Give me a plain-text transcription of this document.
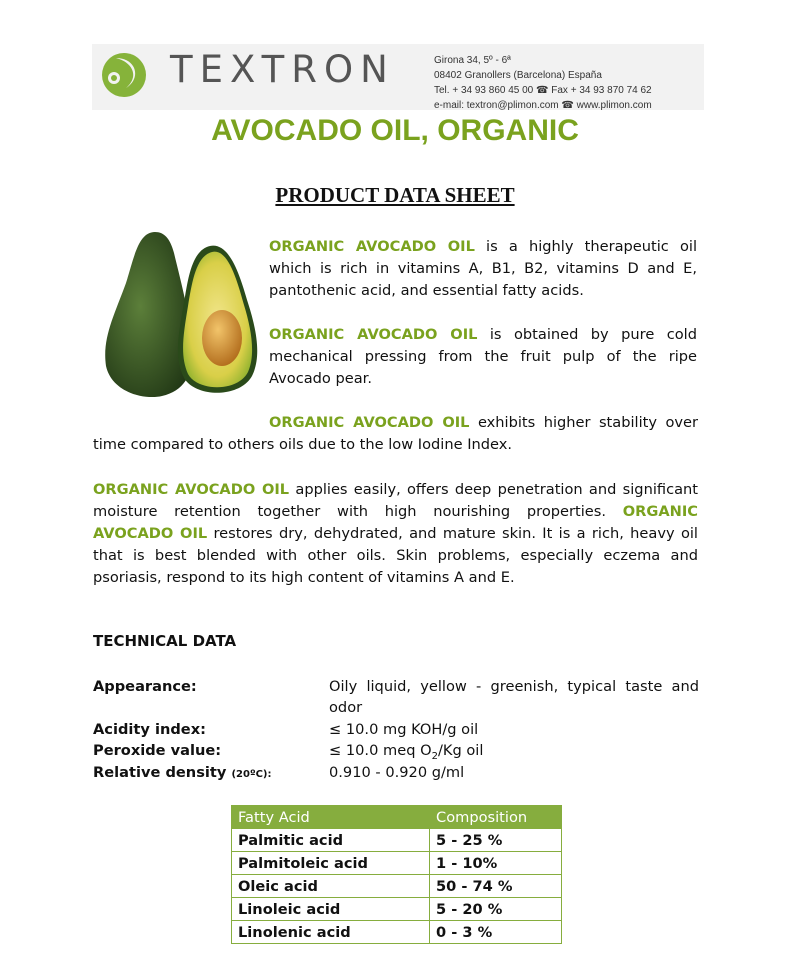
TEXTRON	Girona 34, 5º - 6ª
08402 Granollers (Barcelona) España
Tel. + 34 93 860 45 00 ☎ Fax + 34 93 870 74 62
e-mail: textron@plimon.com ☎ www.plimon.com
AVOCADO OIL, ORGANIC
PRODUCT DATA SHEET
ORGANIC AVOCADO OIL is a highly therapeutic oil which is rich in vitamins A, B1, B2, vitamins D and E, pantothenic acid, and essential fatty acids.
ORGANIC AVOCADO OIL is obtained by pure cold mechanical pressing from the fruit pulp of the ripe Avocado pear.
ORGANIC AVOCADO OIL exhibits higher stability over time compared to others oils due to the low Iodine Index.
ORGANIC AVOCADO OIL applies easily, offers deep penetration and significant moisture retention together with high nourishing properties. ORGANIC AVOCADO OIL restores dry, dehydrated, and mature skin. It is a rich, heavy oil that is best blended with other oils. Skin problems, especially eczema and psoriasis, respond to its high content of vitamins A and E.
TECHNICAL DATA
Appearance:	Oily liquid, yellow - greenish, typical taste and odor
Acidity index:	≤ 10.0 mg KOH/g oil
Peroxide value:	≤ 10.0 meq $O_2/Kg$ oil
Relative density (20ºC):	0.910 - 0.920 g/ml
Fatty Acid	Composition
Palmitic acid	5 - 25 %
Palmitoleic acid	1 - 10%
Oleic acid	50 - 74 %
Linoleic acid	5 - 20 %
Linolenic acid	0 - 3 %
